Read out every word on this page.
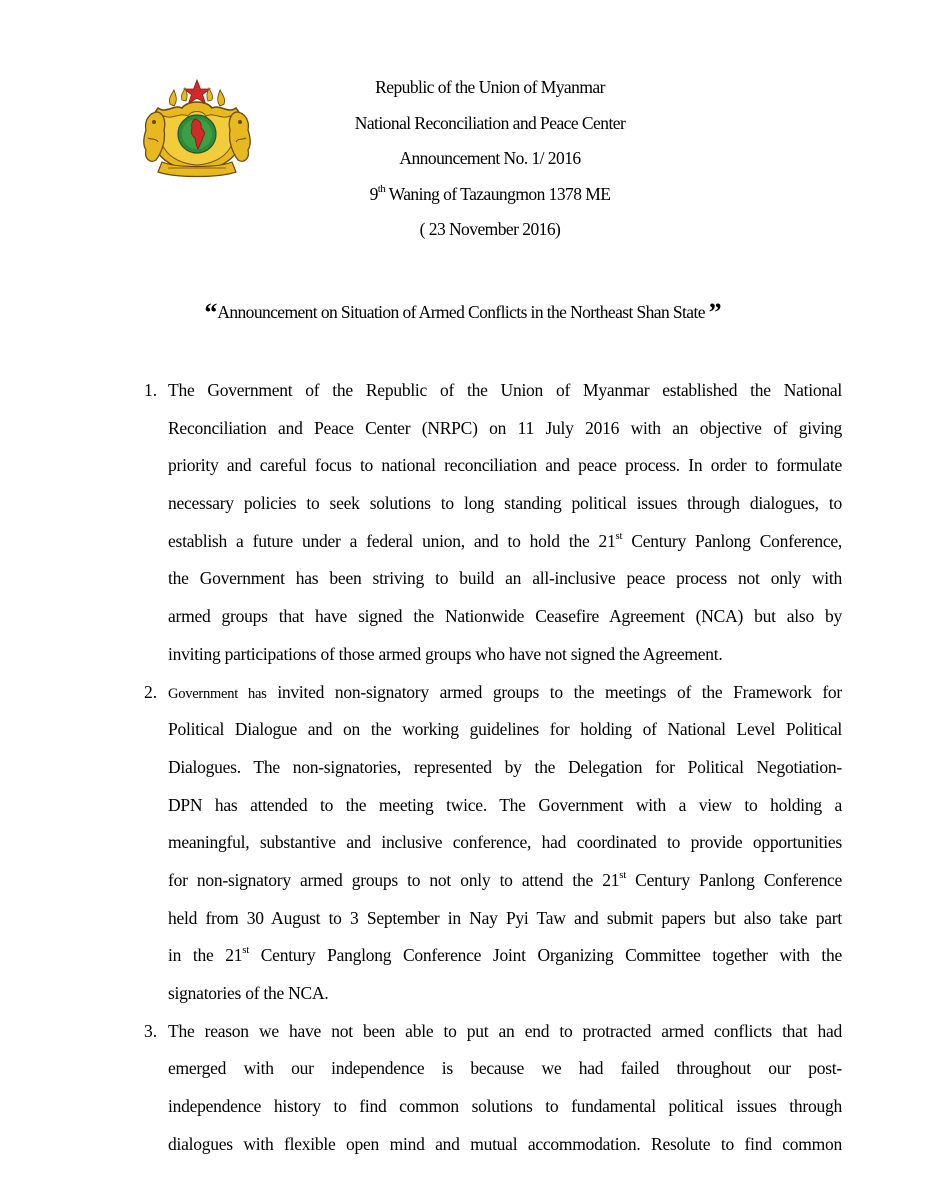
Republic of the Union of Myanmar
National Reconciliation and Peace Center
Announcement No. 1/ 2016
9th Waning of Tazaungmon 1378 ME
( 23 November 2016)
“Announcement on Situation of Armed Conflicts in the Northeast Shan State ”
1. The Government of the Republic of the Union of Myanmar established the National
Reconciliation and Peace Center (NRPC) on 11 July 2016 with an objective of giving
priority and careful focus to national reconciliation and peace process. In order to formulate
necessary policies to seek solutions to long standing political issues through dialogues, to
establish a future under a federal union, and to hold the 21st Century Panlong Conference,
the Government has been striving to build an all-inclusive peace process not only with
armed groups that have signed the Nationwide Ceasefire Agreement (NCA) but also by
inviting participations of those armed groups who have not signed the Agreement.
2. Government has invited non-signatory armed groups to the meetings of the Framework for
Political Dialogue and on the working guidelines for holding of National Level Political
Dialogues. The non-signatories, represented by the Delegation for Political Negotiation-
DPN has attended to the meeting twice. The Government with a view to holding a
meaningful, substantive and inclusive conference, had coordinated to provide opportunities
for non-signatory armed groups to not only to attend the 21st Century Panlong Conference
held from 30 August to 3 September in Nay Pyi Taw and submit papers but also take part
in the 21st Century Panglong Conference Joint Organizing Committee together with the
signatories of the NCA.
3. The reason we have not been able to put an end to protracted armed conflicts that had
emerged with our independence is because we had failed throughout our post-
independence history to find common solutions to fundamental political issues through
dialogues with flexible open mind and mutual accommodation. Resolute to find common
